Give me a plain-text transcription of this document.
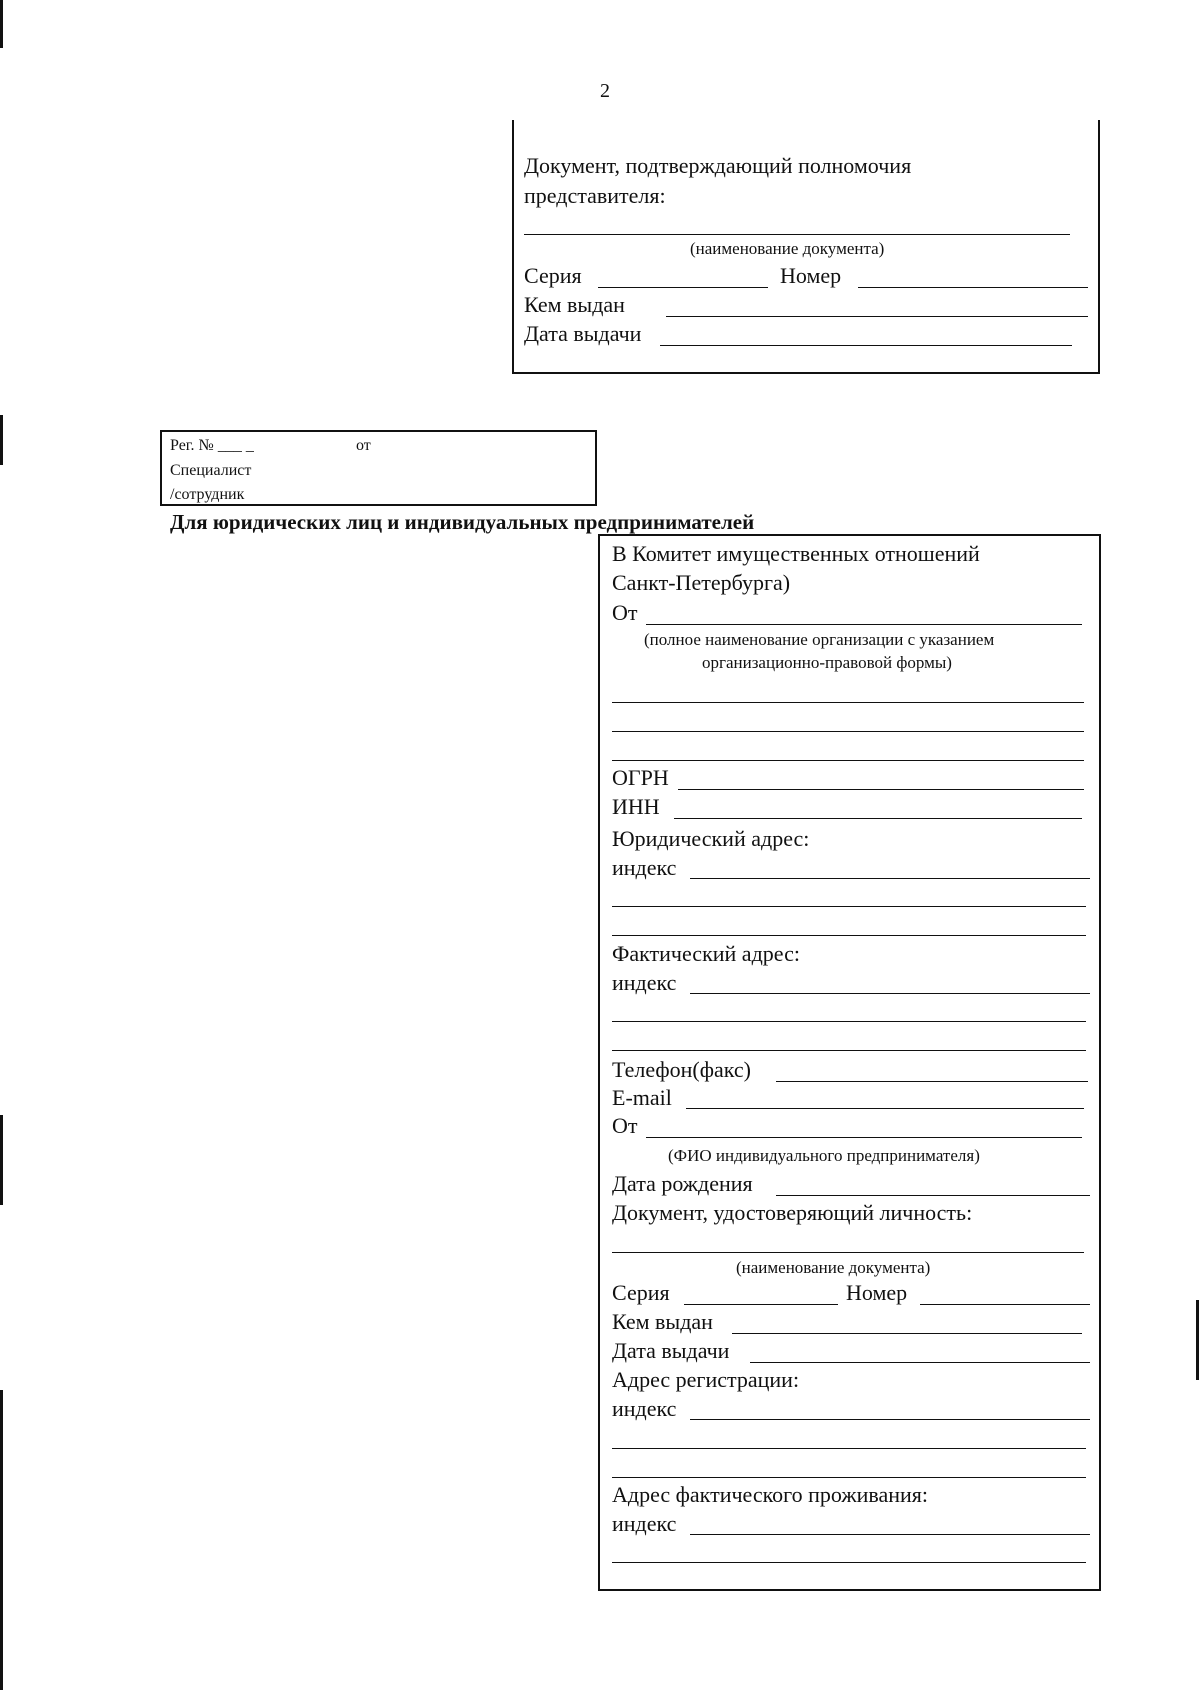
2
Документ, подтверждающий полномочия
представителя:
(наименование документа)
Серия	Номер
Кем выдан
Дата выдачи
Рег. № ___ _	от
Специалист
/сотрудник
Для юридических лиц и индивидуальных предпринимателей
В Комитет имущественных отношений
Санкт-Петербурга)
От
(полное наименование организации с указанием
организационно-правовой формы)
ОГРН
ИНН
Юридический адрес:
индекс
Фактический адрес:
индекс
Телефон(факс)
E-mail
От
(ФИО индивидуального предпринимателя)
Дата рождения
Документ, удостоверяющий личность:
(наименование документа)
Серия	Номер
Кем выдан
Дата выдачи
Адрес регистрации:
индекс
Адрес фактического проживания:
индекс
